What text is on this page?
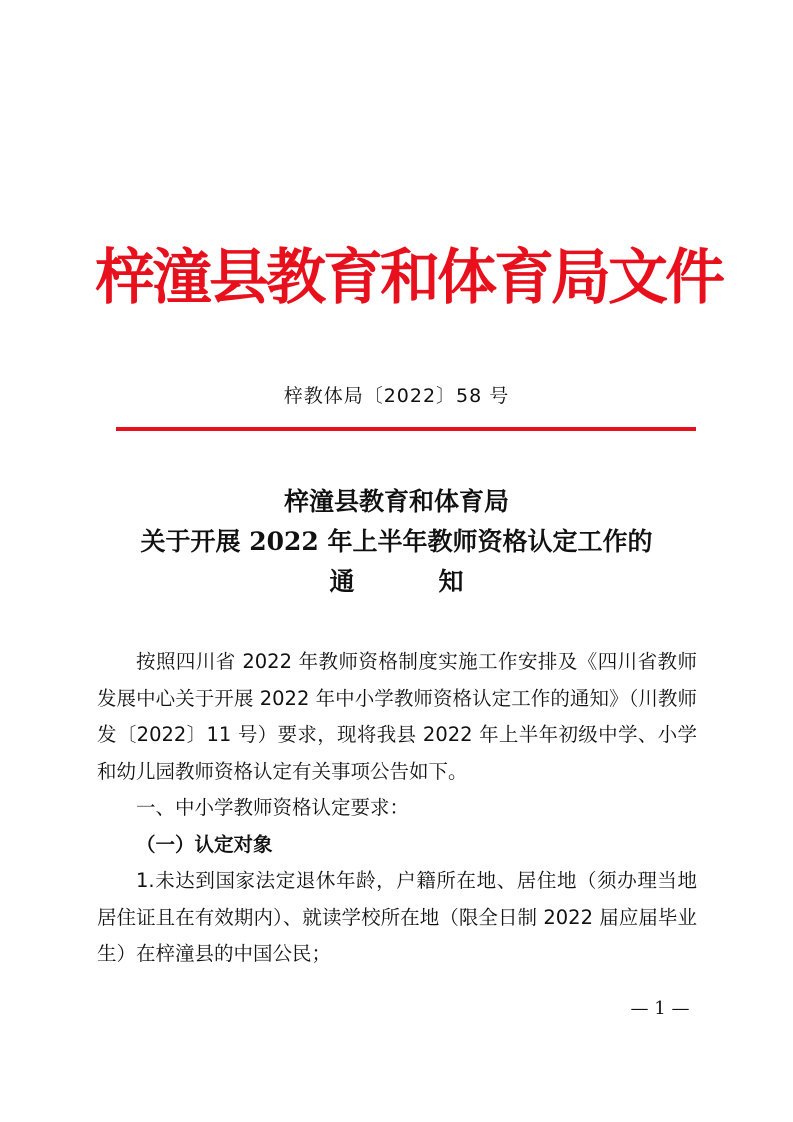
梓潼县教育和体育局文件
梓教体局〔2022〕58 号
梓潼县教育和体育局
关于开展 2022 年上半年教师资格认定工作的
通	知

按照四川省 2022 年教师资格制度实施工作安排及《四川省教师发展中心关于开展 2022 年中小学教师资格认定工作的通知》（川教师发〔2022〕11 号）要求，现将我县 2022 年上半年初级中学、小学和幼儿园教师资格认定有关事项公告如下。

一、中小学教师资格认定要求：

（一）认定对象

1.未达到国家法定退休年龄，户籍所在地、居住地（须办理当地居住证且在有效期内）、就读学校所在地（限全日制 2022 届应届毕业生）在梓潼县的中国公民；

— 1 —
